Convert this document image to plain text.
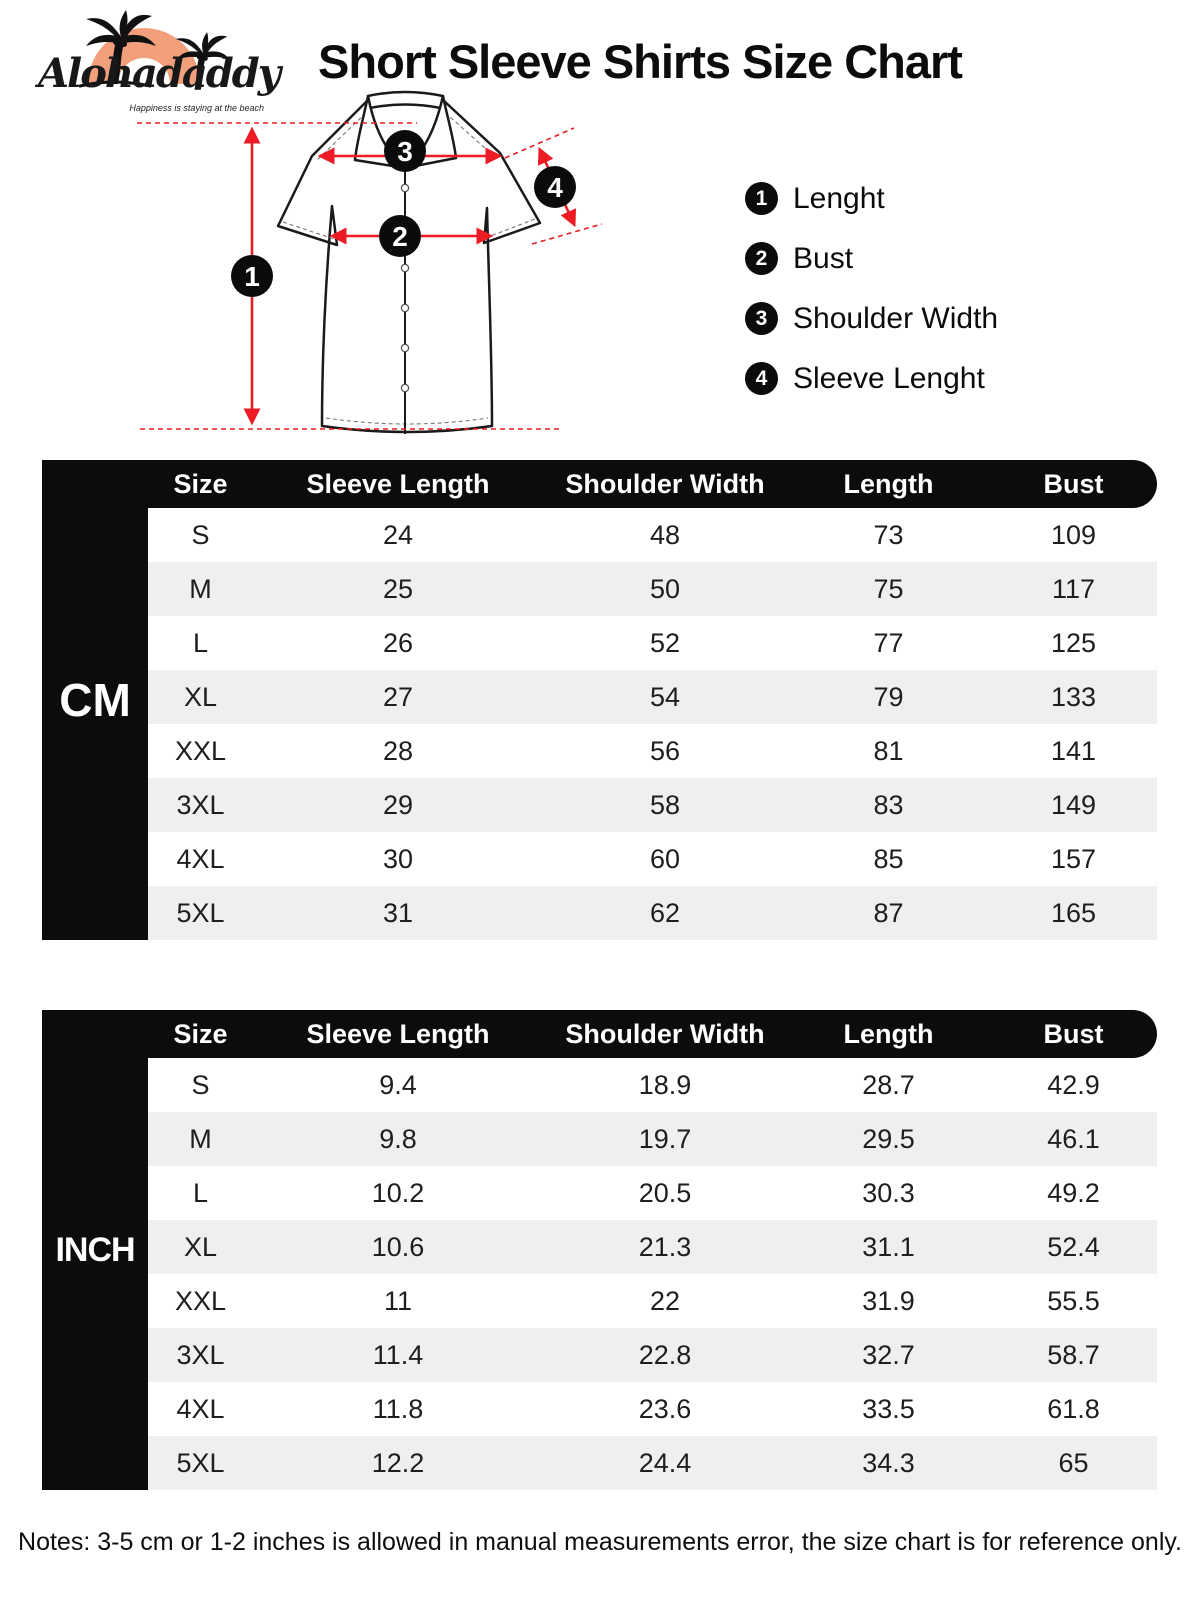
Alohadaddy
Happiness is staying at the beach
Short Sleeve Shirts Size Chart
1
2
3
4	1 Lenght
2 Bust
3 Shoulder Width
4 Sleeve Lenght
Size	Sleeve Length	Shoulder Width	Length	Bust
S	24	48	73	109
M	25	50	75	117
L	26	52	77	125
XL	27	54	79	133
XXL	28	56	81	141
3XL	29	58	83	149
4XL	30	60	85	157
5XL	31	62	87	165
CM
Size	Sleeve Length	Shoulder Width	Length	Bust
S	9.4	18.9	28.7	42.9
M	9.8	19.7	29.5	46.1
L	10.2	20.5	30.3	49.2
XL	10.6	21.3	31.1	52.4
XXL	11	22	31.9	55.5
3XL	11.4	22.8	32.7	58.7
4XL	11.8	23.6	33.5	61.8
5XL	12.2	24.4	34.3	65
INCH
Notes: 3-5 cm or 1-2 inches is allowed in manual measurements error, the size chart is for reference only.
